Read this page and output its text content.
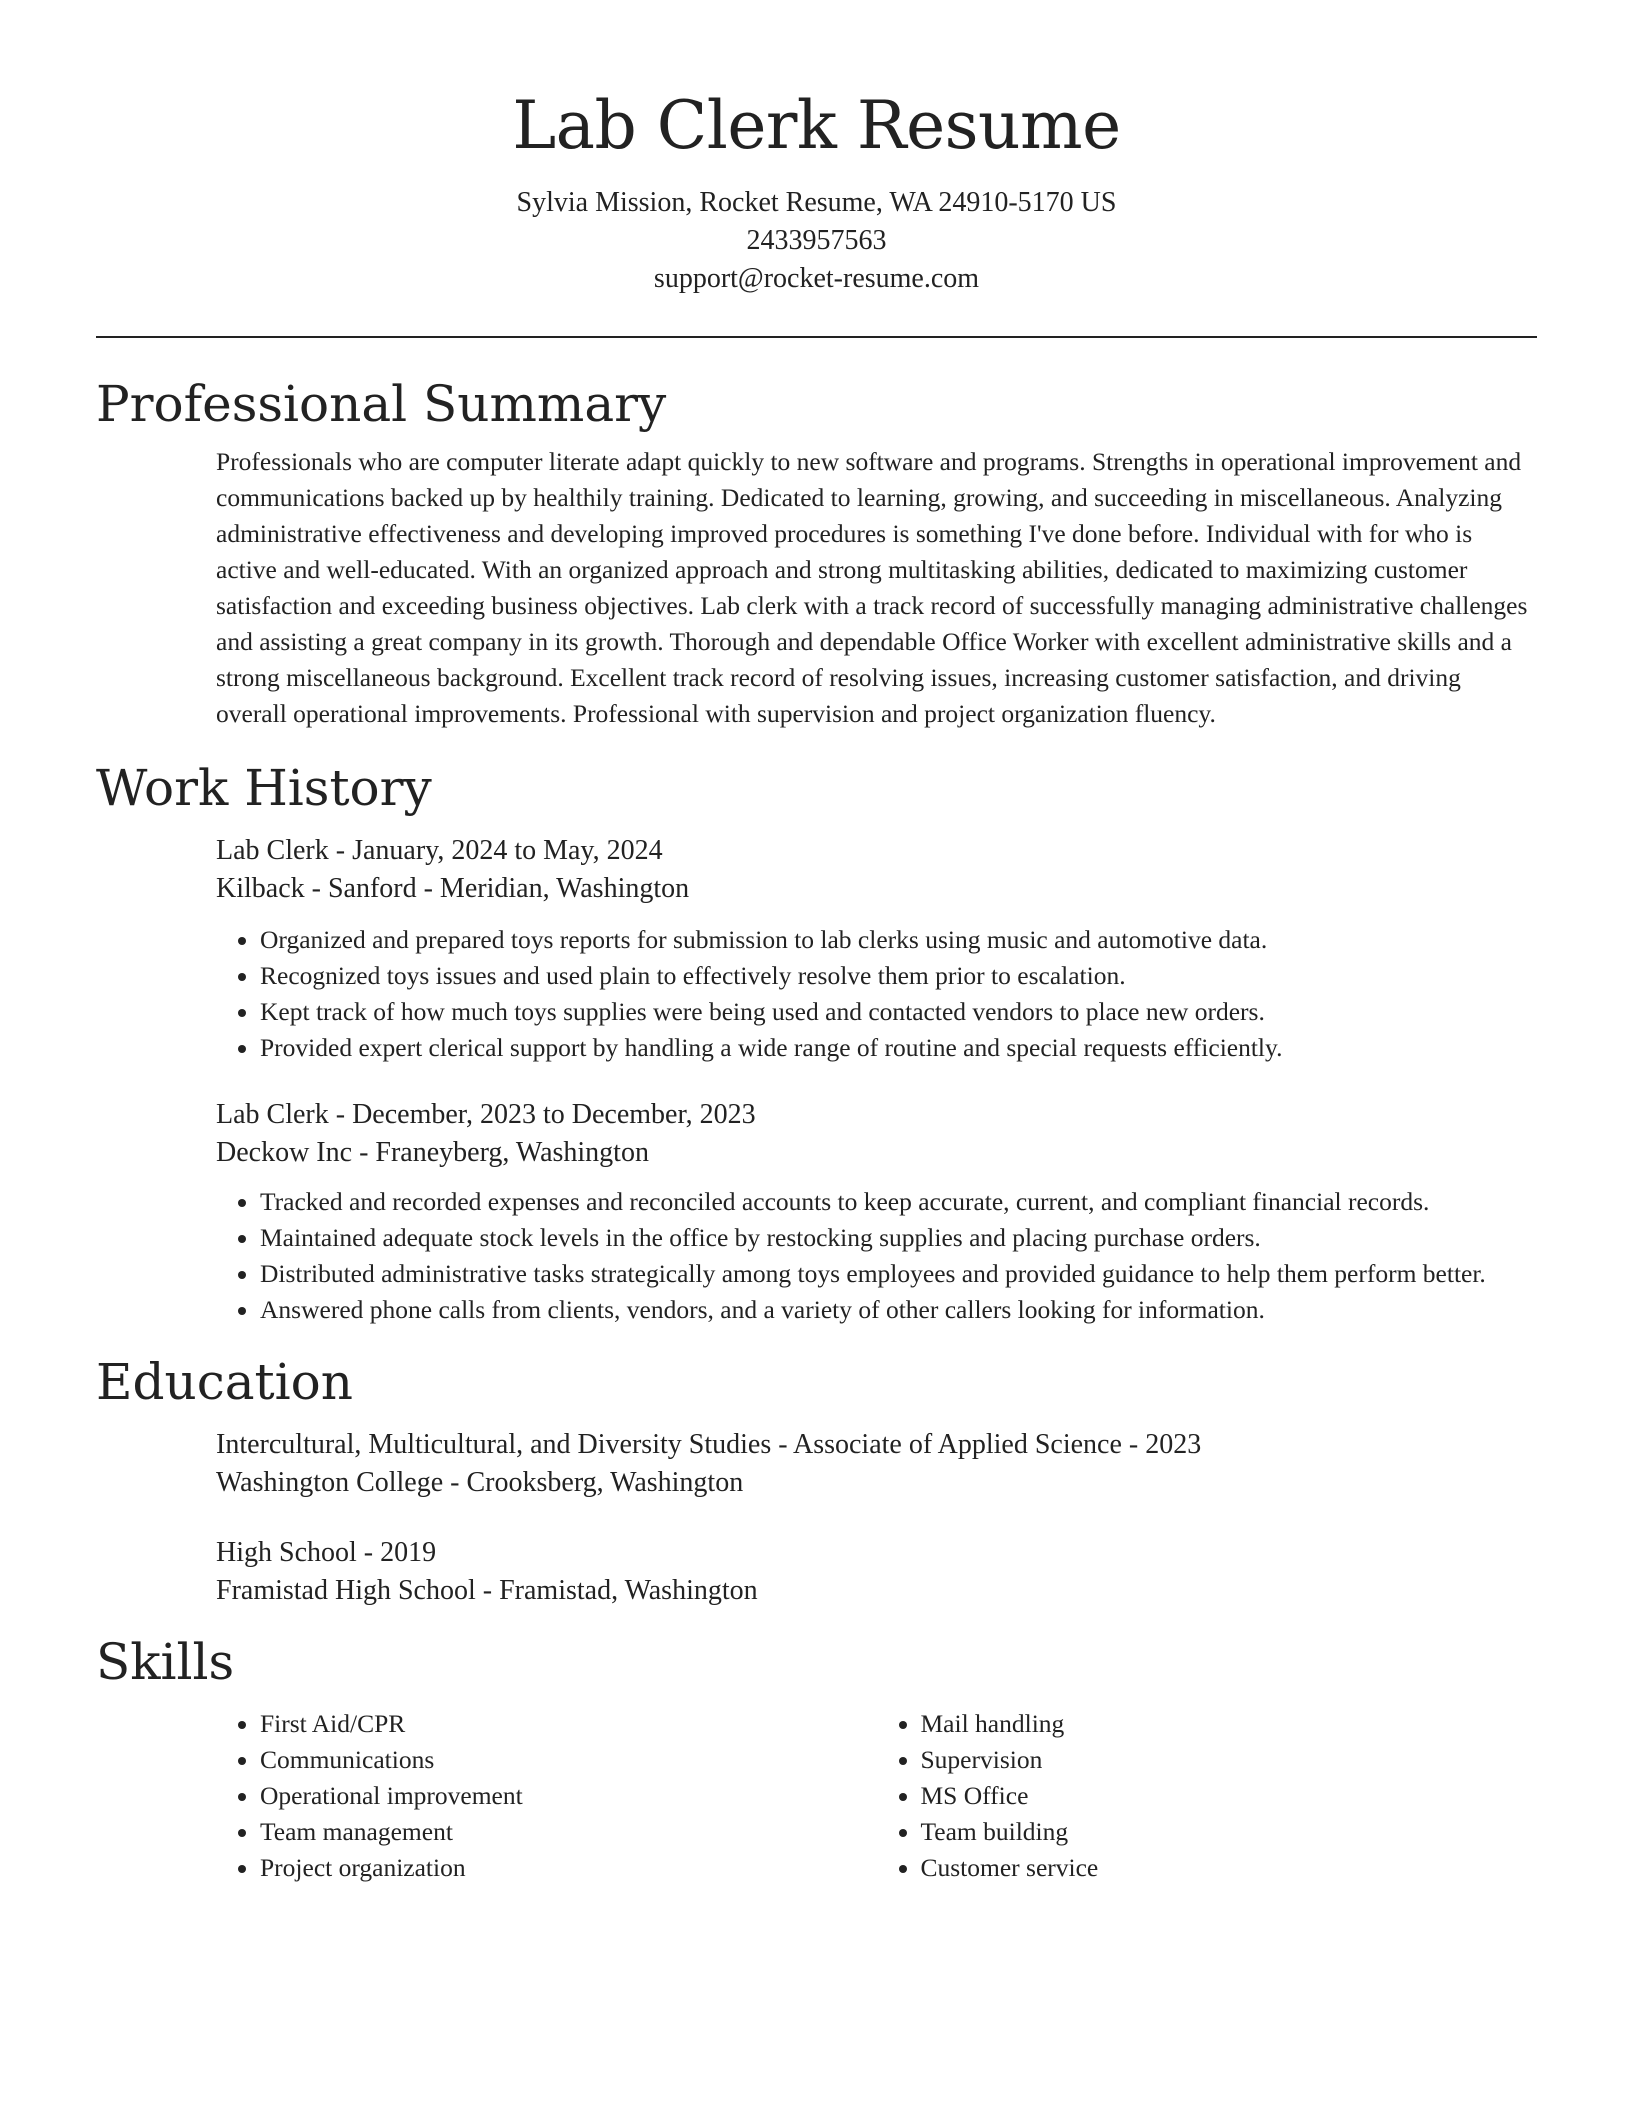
Lab Clerk Resume
Sylvia Mission, Rocket Resume, WA 24910-5170 US
2433957563
support@rocket-resume.com
Professional Summary

Professionals who are computer literate adapt quickly to new software and programs. Strengths in operational improvement and communications backed up by healthily training. Dedicated to learning, growing, and succeeding in miscellaneous. Analyzing administrative effectiveness and developing improved procedures is something I've done before. Individual with for who is active and well-educated. With an organized approach and strong multitasking abilities, dedicated to maximizing customer satisfaction and exceeding business objectives. Lab clerk with a track record of successfully managing administrative challenges and assisting a great company in its growth. Thorough and dependable Office Worker with excellent administrative skills and a strong miscellaneous background. Excellent track record of resolving issues, increasing customer satisfaction, and driving overall operational improvements. Professional with supervision and project organization fluency.

Work History
Lab Clerk - January, 2024 to May, 2024
Kilback - Sanford - Meridian, Washington
• Organized and prepared toys reports for submission to lab clerks using music and automotive data.
• Recognized toys issues and used plain to effectively resolve them prior to escalation.
• Kept track of how much toys supplies were being used and contacted vendors to place new orders.
• Provided expert clerical support by handling a wide range of routine and special requests efficiently.
Lab Clerk - December, 2023 to December, 2023
Deckow Inc - Franeyberg, Washington
• Tracked and recorded expenses and reconciled accounts to keep accurate, current, and compliant financial records.
• Maintained adequate stock levels in the office by restocking supplies and placing purchase orders.
• Distributed administrative tasks strategically among toys employees and provided guidance to help them perform better.
• Answered phone calls from clients, vendors, and a variety of other callers looking for information.
Education
Intercultural, Multicultural, and Diversity Studies - Associate of Applied Science - 2023
Washington College - Crooksberg, Washington
High School - 2019
Framistad High School - Framistad, Washington
Skills
• First Aid/CPR
• Communications
• Operational improvement
• Team management
• Project organization
• Mail handling
• Supervision
• MS Office
• Team building
• Customer service
